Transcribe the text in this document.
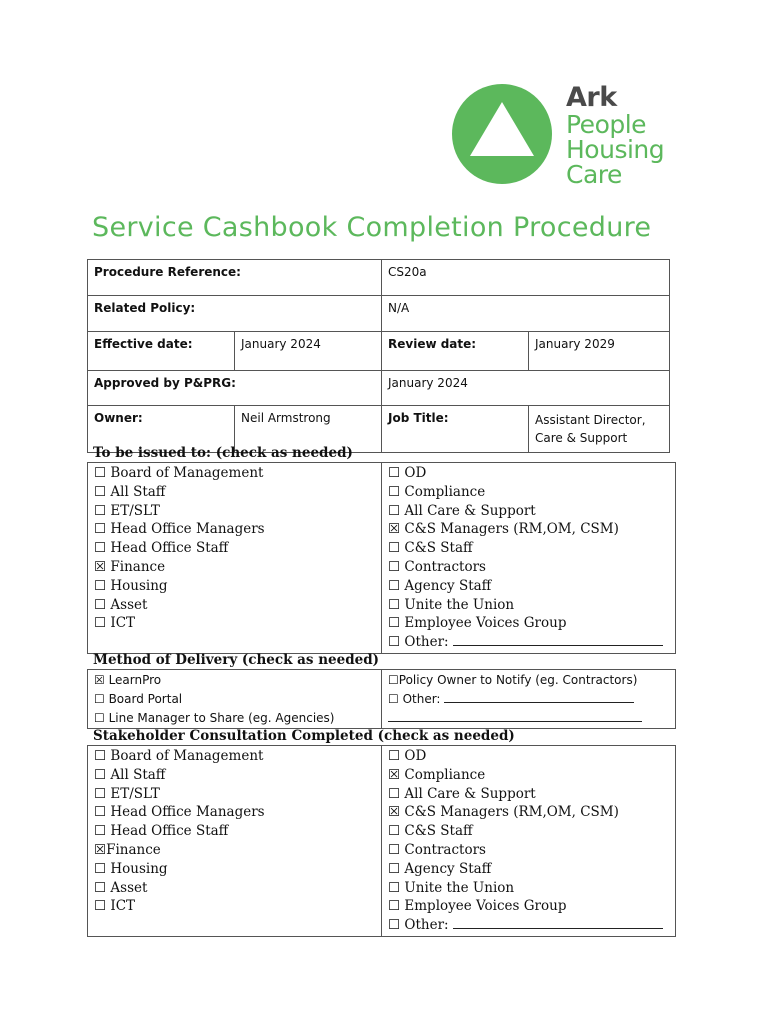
Ark
People
Housing
Care
Service Cashbook Completion Procedure
Procedure Reference:		CS20a	
Related Policy:		N/A	
Effective date:	January 2024	Review date:	January 2029
Approved by P&PRG:		January 2024	
Owner:	Neil Armstrong	Job Title:	Assistant Director, Care & Support
To be issued to: (check as needed)
☐ Board of Management
☐ All Staff
☐ ET/SLT
☐ Head Office Managers
☐ Head Office Staff
☒ Finance
☐ Housing
☐ Asset
☐ ICT
☐ OD
☐ Compliance
☐ All Care & Support
☒ C&S Managers (RM,OM, CSM)
☐ C&S Staff
☐ Contractors
☐ Agency Staff
☐ Unite the Union
☐ Employee Voices Group
☐ Other:
Method of Delivery (check as needed)
☒ LearnPro
☐ Board Portal
☐ Line Manager to Share (eg. Agencies)
☐Policy Owner to Notify (eg. Contractors)
☐ Other:
Stakeholder Consultation Completed (check as needed)
☐ Board of Management
☐ All Staff
☐ ET/SLT
☐ Head Office Managers
☐ Head Office Staff
☒Finance
☐ Housing
☐ Asset
☐ ICT
☐ OD
☒ Compliance
☐ All Care & Support
☒ C&S Managers (RM,OM, CSM)
☐ C&S Staff
☐ Contractors
☐ Agency Staff
☐ Unite the Union
☐ Employee Voices Group
☐ Other:
